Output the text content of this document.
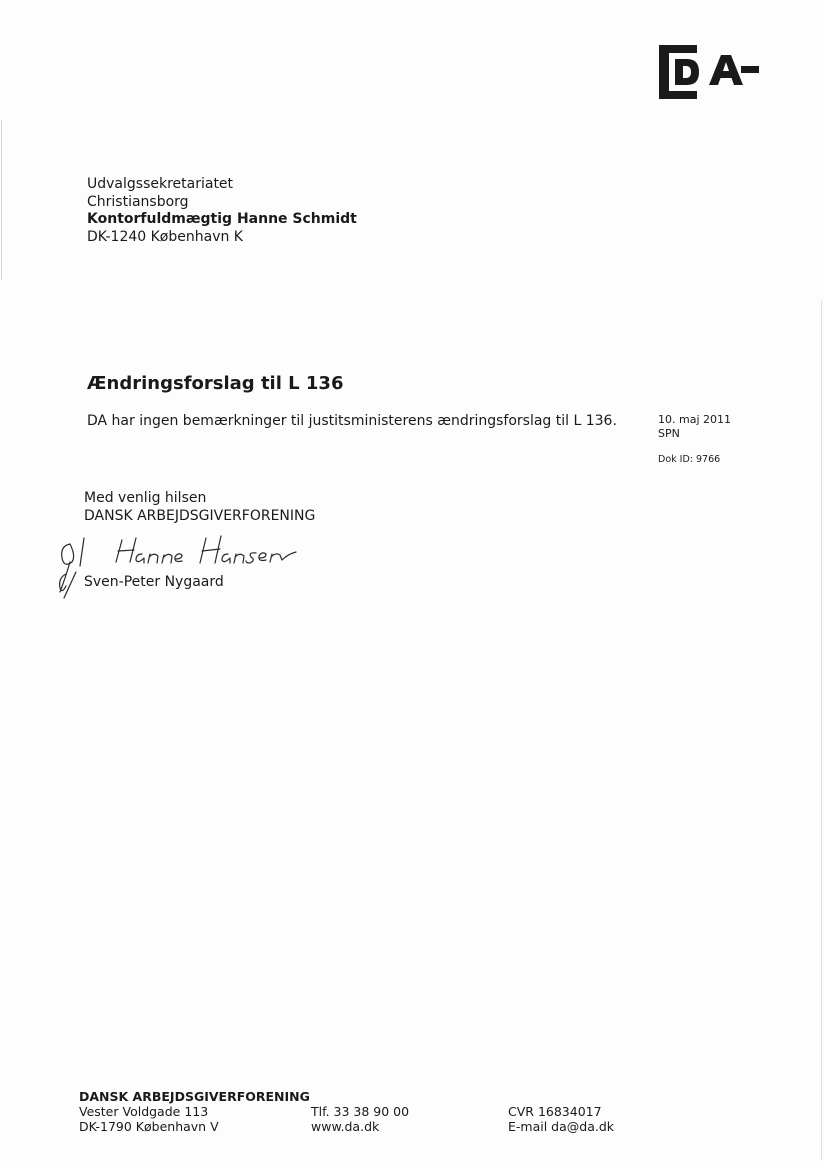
Udvalgssekretariatet
Christiansborg
Kontorfuldmægtig Hanne Schmidt
DK-1240 København K
Ændringsforslag til L 136
DA har ingen bemærkninger til justitsministerens ændringsforslag til L 136.	10. maj 2011
SPN
Dok ID: 9766
Med venlig hilsen
DANSK ARBEJDSGIVERFORENING
Sven-Peter Nygaard
DANSK ARBEJDSGIVERFORENING
Vester Voldgade 113
DK-1790 København V
Tlf. 33 38 90 00
www.da.dk
CVR 16834017
E-mail da@da.dk
